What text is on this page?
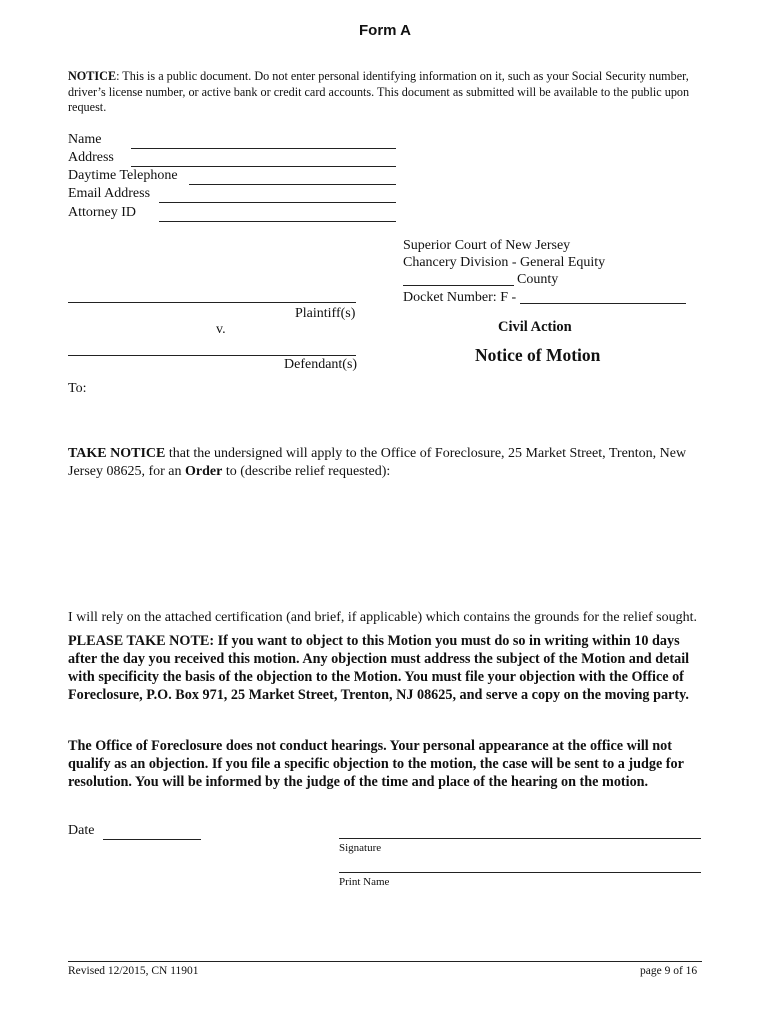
Form A
NOTICE: This is a public document. Do not enter personal identifying information on it, such as your Social Security number, driver’s license number, or active bank or credit card accounts. This document as submitted will be available to the public upon request.
Name
Address
Daytime Telephone
Email Address
Attorney ID
Superior Court of New Jersey
Chancery Division - General Equity
County
Docket Number: F -
Plaintiff(s)
v.
Defendant(s)
Civil Action
Notice of Motion
To:
TAKE NOTICE that the undersigned will apply to the Office of Foreclosure, 25 Market Street, Trenton, New Jersey 08625, for an Order to (describe relief requested):
I will rely on the attached certification (and brief, if applicable) which contains the grounds for the relief sought.
PLEASE TAKE NOTE: If you want to object to this Motion you must do so in writing within 10 days after the day you received this motion. Any objection must address the subject of the Motion and detail with specificity the basis of the objection to the Motion. You must file your objection with the Office of Foreclosure, P.O. Box 971, 25 Market Street, Trenton, NJ 08625, and serve a copy on the moving party.
The Office of Foreclosure does not conduct hearings. Your personal appearance at the office will not qualify as an objection. If you file a specific objection to the motion, the case will be sent to a judge for resolution. You will be informed by the judge of the time and place of the hearing on the motion.
Date
Signature
Print Name
Revised 12/2015, CN 11901	page 9 of 16
